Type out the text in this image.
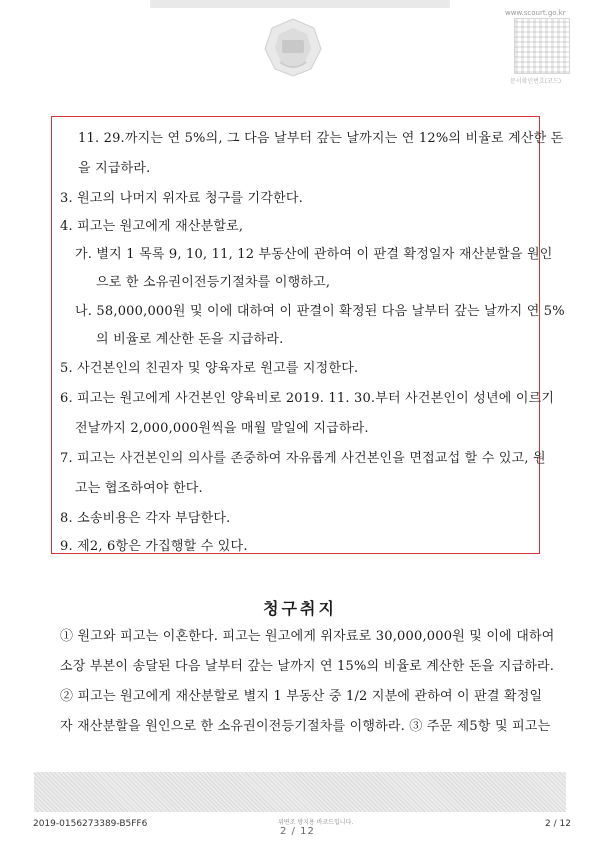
www.scourt.go.kr
문서확인번호(코드)
11. 29.까지는 연 5%의, 그 다음 날부터 갚는 날까지는 연 12%의 비율로 계산한 돈
을 지급하라.
3. 원고의 나머지 위자료 청구를 기각한다.
4. 피고는 원고에게 재산분할로,
가. 별지 1 목록 9, 10, 11, 12 부동산에 관하여 이 판결 확정일자 재산분할을 원인
으로 한 소유권이전등기절차를 이행하고,
나. 58,000,000원 및 이에 대하여 이 판결이 확정된 다음 날부터 갚는 날까지 연 5%
의 비율로 계산한 돈을 지급하라.
5. 사건본인의 친권자 및 양육자로 원고를 지정한다.
6. 피고는 원고에게 사건본인 양육비로 2019. 11. 30.부터 사건본인이 성년에 이르기
전날까지 2,000,000원씩을 매월 말일에 지급하라.
7. 피고는 사건본인의 의사를 존중하여 자유롭게 사건본인을 면접교섭 할 수 있고, 원
고는 협조하여야 한다.
8. 소송비용은 각자 부담한다.
9. 제2, 6항은 가집행할 수 있다.
청구취지
① 원고와 피고는 이혼한다. 피고는 원고에게 위자료로 30,000,000원 및 이에 대하여
소장 부본이 송달된 다음 날부터 갚는 날까지 연 15%의 비율로 계산한 돈을 지급하라.
② 피고는 원고에게 재산분할로 별지 1 부동산 중 1/2 지분에 관하여 이 판결 확정일
자 재산분할을 원인으로 한 소유권이전등기절차를 이행하라. ③ 주문 제5항 및 피고는
2019-0156273389-B5FF6	위변조 방지용 바코드입니다.
2 / 12
2 / 12
